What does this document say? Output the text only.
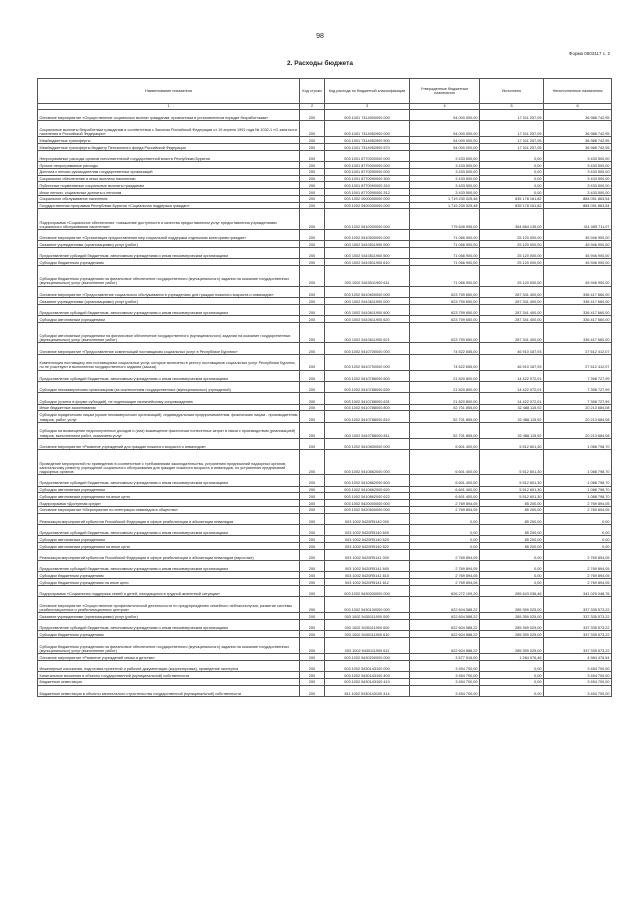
98
Форма 0503117 с. 2
2. Расходы бюджета
Наименование показателя	Код строки	Код расхода по бюджетной классификации	Утвержденные бюджетные назначения	Исполнено	Неисполненные назначения
1	2	3	4	5	6
Основное мероприятие «Осуществление социальных выплат гражданам, признанным в установленном порядке безработными»	200	003 1001 7314900000 000	54 000 000,00	17 011 257,05	36 988 742,95
Социальные выплаты безработным гражданам в соответствии с Законом Российской Федерации от 19 апреля 1991 года № 1032-1 «О занятости населения в Российской Федерации»	200	003 1001 7314952900 000	54 000 000,00	17 011 257,05	36 988 742,95
Межбюджетные трансферты	200	003 1001 7314952900 500	54 000 000,00	17 011 257,05	36 988 742,95
Межбюджетные трансферты бюджету Пенсионного фонда Российской Федерации	200	003 1001 7314952900 570	54 000 000,00	17 011 257,05	36 988 742,95
Непрограммные расходы органов исполнительной государственной власти Республики Бурятия	200	003 1001 8770000000 000	3 433 500,00	0,00	3 433 500,00
Прочие непрограммные расходы	200	003 1001 8770000000 000	3 433 500,00	0,00	3 433 500,00
Доплата к пенсии руководителям государственных организаций	200	003 1001 8770090000 000	3 433 500,00	0,00	3 433 500,00
Социальное обеспечение и иные выплаты населению	200	003 1001 8770090000 300	3 433 500,00	0,00	3 433 500,00
Публичные нормативные социальные выплаты гражданам	200	003 1001 8770090000 310	3 433 500,00	0,00	3 433 500,00
Иные пенсии, социальные доплаты к пенсиям	200	003 1001 8770090000 312	3 433 500,00	0,00	3 433 500,00
Социальное обслуживание населения	200	003 1002 0000000000 000	1 719 230 025,48	835 178 161,82	884 051 863,54
Государственная программа Республики Бурятия «Социальная поддержка граждан»	200	003 1002 5400000000 000	1 719 230 025,48	835 178 161,82	884 051 863,54
Подпрограмма «Социальное обеспечение, повышение доступности и качества предоставления услуг предоставления учреждениями социального обслуживания населения»	200	003 1002 5410000000 000	775 645 905,00	364 864 135,00	411 085 711,07
Основное мероприятие «Организация предоставления мер социальной поддержки отдельным категориям граждан»	200	003 1002 5410500000 000	71 066 900,00	25 120 000,00	45 946 900,00
Оказание учреждениями (организациями) услуг (работ)	200	003 1002 5410511900 000	71 066 900,00	25 120 000,00	45 946 900,00
Предоставление субсидий бюджетным, автономным учреждениям и иным некоммерческим организациям	200	003 1002 5410511900 600	71 066 900,00	25 120 000,00	45 946 900,00
Субсидии бюджетным учреждениям	200	003 1002 5410511900 610	71 066 900,00	25 120 000,00	45 946 900,00
Субсидии бюджетным учреждениям на финансовое обеспечение государственного (муниципального) задания на оказание государственных (муниципальных) услуг (выполнение работ)	200	003 1002 5410511900 611	71 066 900,00	25 120 000,00	45 946 900,00
Основное мероприятие «Предоставление социального обслуживания в учреждениях для граждан пожилого возраста и инвалидов»	200	003 1002 5410600000 000	623 759 650,00	287 341 400,00	336 417 660,00
Оказание учреждениями (организациями) услуг (работ)	200	003 1002 5410611900 000	623 759 650,00	287 341 400,00	336 417 660,00
Предоставление субсидий бюджетным, автономным учреждениям и иным некоммерческим организациям	200	003 1002 5410611900 600	623 759 650,00	287 341 400,00	336 417 660,00
Субсидии автономным учреждениям	200	003 1002 5410611900 620	623 759 650,00	287 341 400,00	336 417 660,00
Субсидии автономным учреждениям на финансовое обеспечение государственного (муниципального) задания на оказание государственных (муниципальных) услуг (выполнение работ)	200	003 1002 5410611900 621	623 759 650,00	287 341 400,00	336 417 660,00
Основное мероприятие «Предоставление компенсаций поставщикам социальных услуг в Республике Бурятия»	200	003 1002 5410700000 000	74 522 655,00	46 910 187,93	27 612 412,07
Компенсация поставщику или поставщикам социальных услуг, которые включены в реестр поставщиков социальных услуг Республики Бурятия, но не участвуют в выполнении государственного задания (заказа)	200	003 1002 5410700000 000	74 522 655,00	46 910 187,93	27 612 412,07
Предоставление субсидий бюджетным, автономным учреждениям и иным некоммерческим организациям	200	003 1002 5410788000 600	21 820 800,00	14 422 072,01	7 398 727,99
Субсидии некоммерческим организациям (за исключением государственных (муниципальных) учреждений)	200	003 1002 5410788000 630	21 820 800,00	14 422 072,01	7 398 727,99
Субсидии (гранты в форме субсидий), не подлежащие казначейскому сопровождению	200	003 1002 5410788000 631	21 820 800,00	14 422 072,01	7 398 727,99
Иные бюджетные ассигнования	200	003 1002 5410788000 800	52 701 855,00	32 488 115,92	20 213 684,08
Субсидии юридическим лицам (кроме некоммерческих организаций), индивидуальным предпринимателям, физическим лицам - производителям товаров, работ, услуг	200	003 1002 5410788000 810	52 701 855,00	32 488 115,92	20 213 684,08
Субсидии на возмещение недополученных доходов и (или) возмещение фактически понесенных затрат в связи с производством (реализацией) товаров, выполнением работ, оказанием услуг	200	003 1002 5410788000 811	52 701 855,00	32 488 115,92	20 213 684,08
Основное мероприятие «Развитие учреждений для граждан пожилого возраста и инвалидов»	200	003 1002 5410800000 000	6 601 400,00	5 512 601,30	1 088 798,70
Проведение мероприятий по приведению в соответствие с требованиями законодательства, устранению предписаний надзорных органов, капитальному ремонту учреждений социального обслуживания для граждан пожилого возраста и инвалидов, по устранению предписаний надзорных органов	200	003 1002 5410862000 000	6 601 400,00	5 512 601,30	1 088 798,70
Предоставление субсидий бюджетным, автономным учреждениям и иным некоммерческим организациям	200	003 1002 5410862000 600	6 601 400,00	5 512 601,30	1 088 798,70
Субсидии автономным учреждениям	200	003 1002 5410862000 620	6 601 400,00	5 512 601,30	1 088 798,70
Субсидии автономным учреждениям на иные цели	200	003 1002 5410862000 622	6 601 400,00	5 512 601,30	1 088 798,70
Подпрограмма «Доступная среда»	200	003 1002 5420000000 000	2 769 894,05	85 200,00	2 769 894,05
Основное мероприятие «Мероприятие по интеграции инвалидов в общество»	200	003 1002 5420500000 000	2 769 894,05	85 200,00	2 769 894,05
Реализация мероприятий субъектов Российской Федерации в сфере реабилитации и абилитации инвалидов	200	003 1002 5420R5140 000	0,00	85 200,00	0,00
Предоставление субсидий бюджетным, автономным учреждениям и иным некоммерческим организациям	200	003 1002 5420R5140 600	0,00	85 200,00	0,00
Субсидии автономным учреждениям	200	003 1002 5420R5140 620	0,00	85 200,00	0,00
Субсидии автономным учреждениям на иные цели	200	003 1002 5420R5140 622	0,00	85 200,00	0,00
Реализация мероприятий субъектов Российской Федерации в сфере реабилитации и абилитации инвалидов (взрослые)	200	003 1002 5420R5141 000	2 769 894,05	0,00	2 769 894,05
Предоставление субсидий бюджетным, автономным учреждениям и иным некоммерческим организациям	200	003 1002 5420R5141 600	2 769 894,05	0,00	2 769 894,05
Субсидии бюджетным учреждениям	200	003 1002 5420R5141 610	2 769 894,05	0,00	2 769 894,05
Субсидии бюджетным учреждениям на иные цели	200	003 1002 5420R5141 612	2 769 894,05	0,00	2 769 894,05
Подпрограмма «Социальная поддержка семей и детей, находящихся в трудной жизненной ситуации»	200	003 1002 5430000000 000	626 272 109,20	285 643 036,46	341 029 048,76
Основное мероприятие «Осуществление профилактической деятельности по предупреждению семейного неблагополучия, развитие системы реабилитационных и реабилитационных центров»	200	003 1002 5430100000 000	622 604 588,22	285 359 025,00	337 335 573,22
Оказание учреждениями (организациями) услуг (работ)	200	003 1002 5430111900 000	622 604 588,22	285 359 025,00	337 335 573,22
Предоставление субсидий бюджетным, автономным учреждениям и иным некоммерческим организациям	200	003 1002 5430111900 600	622 604 588,22	285 359 025,00	337 335 573,22
Субсидии бюджетным учреждениям	200	003 1002 5430111900 610	622 604 588,22	285 359 025,00	337 335 573,22
Субсидии бюджетным учреждениям на финансовое обеспечение государственного (муниципального) задания на оказание государственных (муниципальных) услуг (выполнение работ)	200	003 1002 5430111900 611	622 604 588,22	285 359 025,00	337 335 573,22
Основное мероприятие «Развитие учреждений семьи и детства»	200	003 1002 5430200000 000	3 577 516,00	1 284 076,46	4 984 476,54
Инженерные изыскания, подготовка проектной и рабочей документации (корректировка), проведение экспертиз	200	003 1002 5430143100 000	3 454 700,00	0,00	3 454 700,00
Капитальные вложения в объекты государственной (муниципальной) собственности	200	003 1002 5430143100 400	3 454 700,00	0,00	3 454 700,00
Бюджетные инвестиции	200	003 1002 5430143100 410	3 454 700,00	0,00	3 454 700,00
Бюджетные инвестиции в объекты капитального строительства государственной (муниципальной) собственности	200	811 1002 5430143100 414	3 454 700,00	0,00	3 454 700,00
